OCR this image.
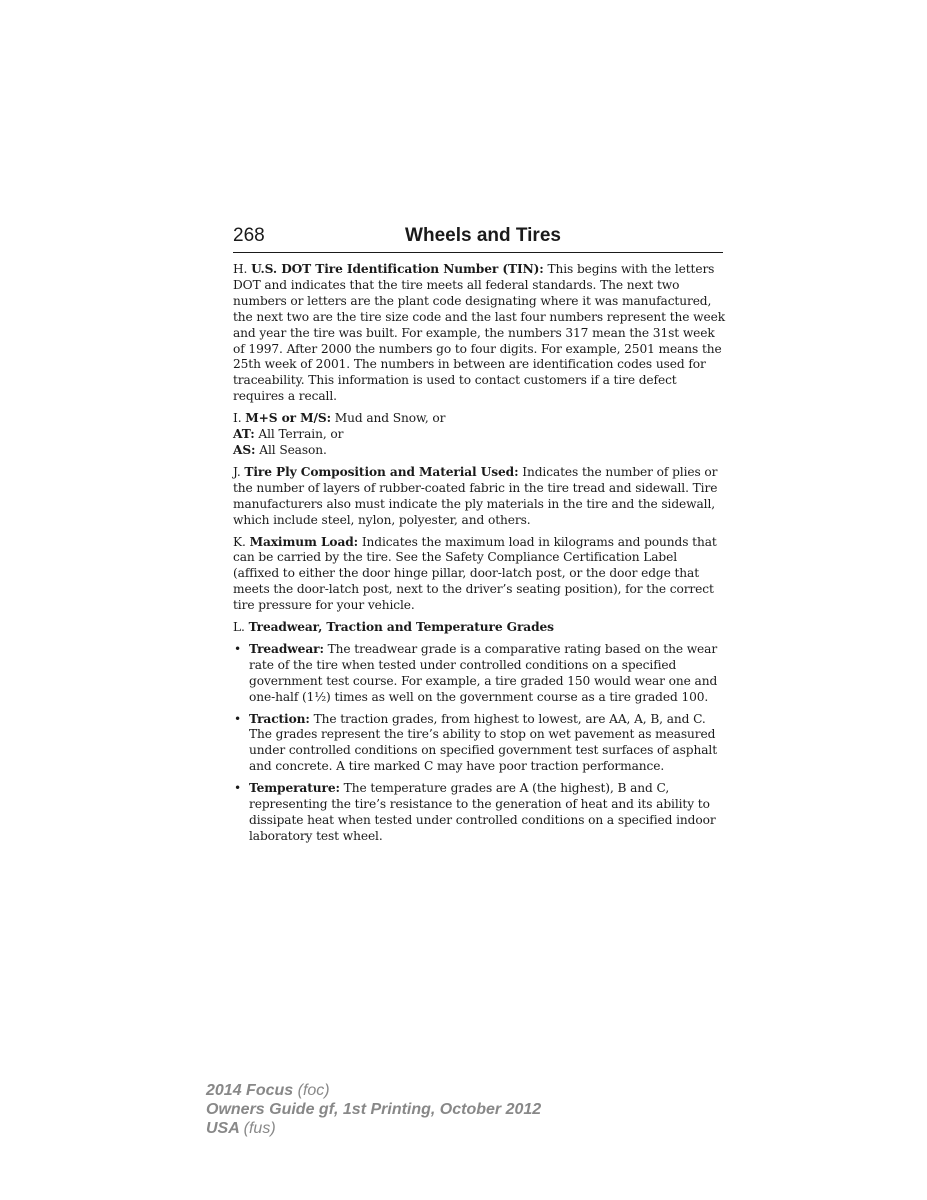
268	Wheels and Tires

H. U.S. DOT Tire Identification Number (TIN): This begins with the letters DOT and indicates that the tire meets all federal standards. The next two numbers or letters are the plant code designating where it was manufactured, the next two are the tire size code and the last four numbers represent the week and year the tire was built. For example, the numbers 317 mean the 31st week of 1997. After 2000 the numbers go to four digits. For example, 2501 means the 25th week of 2001. The numbers in between are identification codes used for traceability. This information is used to contact customers if a tire defect requires a recall.

I. M+S or M/S: Mud and Snow, or
AT: All Terrain, or
AS: All Season.

J. Tire Ply Composition and Material Used: Indicates the number of plies or the number of layers of rubber-coated fabric in the tire tread and sidewall. Tire manufacturers also must indicate the ply materials in the tire and the sidewall, which include steel, nylon, polyester, and others.

K. Maximum Load: Indicates the maximum load in kilograms and pounds that can be carried by the tire. See the Safety Compliance Certification Label (affixed to either the door hinge pillar, door-latch post, or the door edge that meets the door-latch post, next to the driver’s seating position), for the correct tire pressure for your vehicle.

L. Treadwear, Traction and Temperature Grades

• Treadwear: The treadwear grade is a comparative rating based on the wear rate of the tire when tested under controlled conditions on a specified government test course. For example, a tire graded 150 would wear one and one-half (1½) times as well on the government course as a tire graded 100.
• Traction: The traction grades, from highest to lowest, are AA, A, B, and C. The grades represent the tire’s ability to stop on wet pavement as measured under controlled conditions on specified government test surfaces of asphalt and concrete. A tire marked C may have poor traction performance.
• Temperature: The temperature grades are A (the highest), B and C, representing the tire’s resistance to the generation of heat and its ability to dissipate heat when tested under controlled conditions on a specified indoor laboratory test wheel.
2014 Focus (foc)
Owners Guide gf, 1st Printing, October 2012
USA (fus)
